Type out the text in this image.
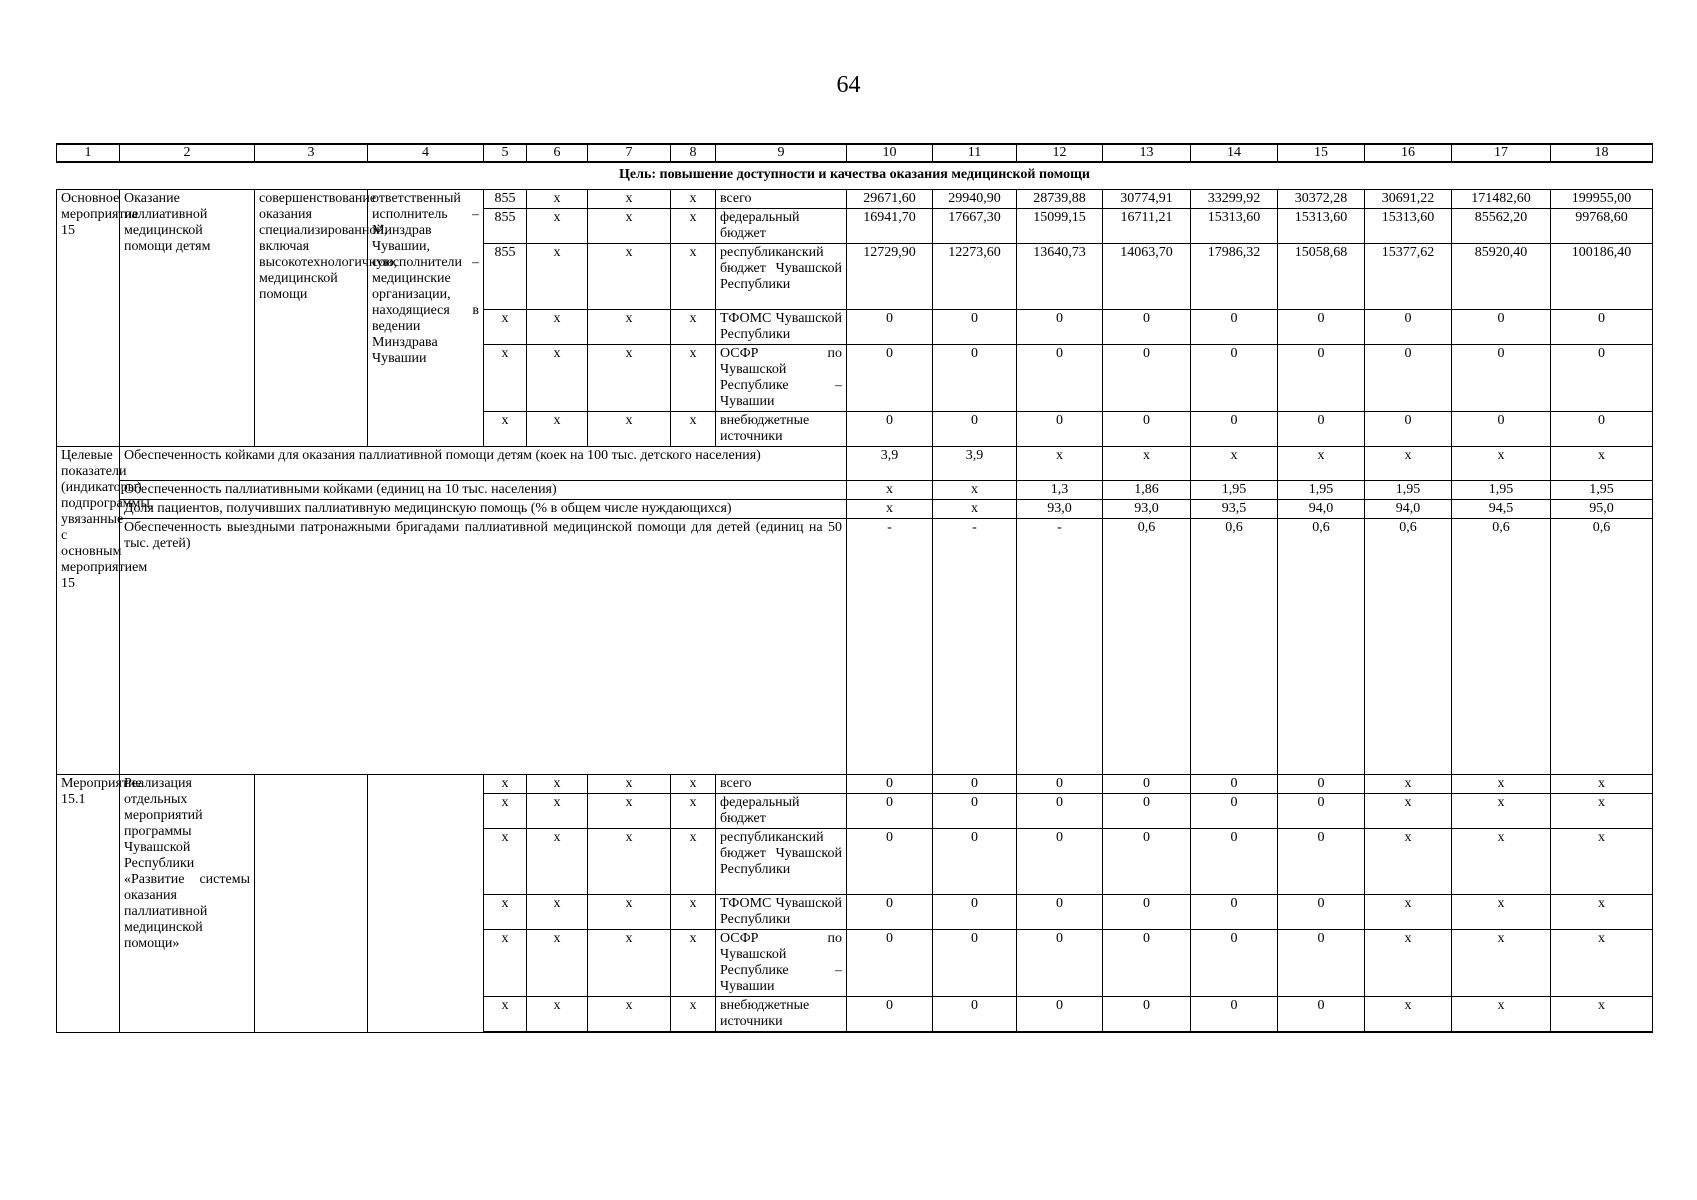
64
1	2	3	4	5	6	7	8	9	10	11	12	13	14	15	16	17	18
Цель: повышение доступности и качества оказания медицинской помощи																	
Основное мероприятие 15	Оказание паллиативной медицинской помощи детям	совершенствование оказания специализированной, включая высокотехнологичную, медицинской помощи	ответственный исполнитель – Минздрав Чувашии, соисполнители – медицинские организации, находящиеся в ведении Минздрава Чувашии	855	х	х	х	всего	29671,60	29940,90	28739,88	30774,91	33299,92	30372,28	30691,22	171482,60	199955,00
				855	х	х	х	федеральный бюджет	16941,70	17667,30	15099,15	16711,21	15313,60	15313,60	15313,60	85562,20	99768,60
				855	х	х	х	республиканский бюджет Чувашской Республики	12729,90	12273,60	13640,73	14063,70	17986,32	15058,68	15377,62	85920,40	100186,40
				х	х	х	х	ТФОМС Чувашской Республики	0	0	0	0	0	0	0	0	0
				х	х	х	х	ОСФР по Чувашской Республике – Чувашии	0	0	0	0	0	0	0	0	0
				х	х	х	х	внебюджетные источники	0	0	0	0	0	0	0	0	0
Целевые показатели (индикаторы) подпрограммы, увязанные с основным мероприятием 15	Обеспеченность койками для оказания паллиативной помощи детям (коек на 100 тыс. детского населения)								3,9	3,9	х	х	х	х	х	х	х
	Обеспеченность паллиативными койками (единиц на 10 тыс. населения)								х	х	1,3	1,86	1,95	1,95	1,95	1,95	1,95
	Доля пациентов, получивших паллиативную медицинскую помощь (% в общем числе нуждающихся)								х	х	93,0	93,0	93,5	94,0	94,0	94,5	95,0
	Обеспеченность выездными патронажными бригадами паллиативной медицинской помощи для детей (единиц на 50 тыс. детей)								-	-	-	0,6	0,6	0,6	0,6	0,6	0,6
Мероприятие 15.1	Реализация отдельных мероприятий программы Чувашской Республики «Развитие системы оказания паллиативной медицинской помощи»			х	х	х	х	всего	0	0	0	0	0	0	х	х	х
				х	х	х	х	федеральный бюджет	0	0	0	0	0	0	х	х	х
				х	х	х	х	республиканский бюджет Чувашской Республики	0	0	0	0	0	0	х	х	х
				х	х	х	х	ТФОМС Чувашской Республики	0	0	0	0	0	0	х	х	х
				х	х	х	х	ОСФР по Чувашской Республике – Чувашии	0	0	0	0	0	0	х	х	х
				х	х	х	х	внебюджетные источники	0	0	0	0	0	0	х	х	х
